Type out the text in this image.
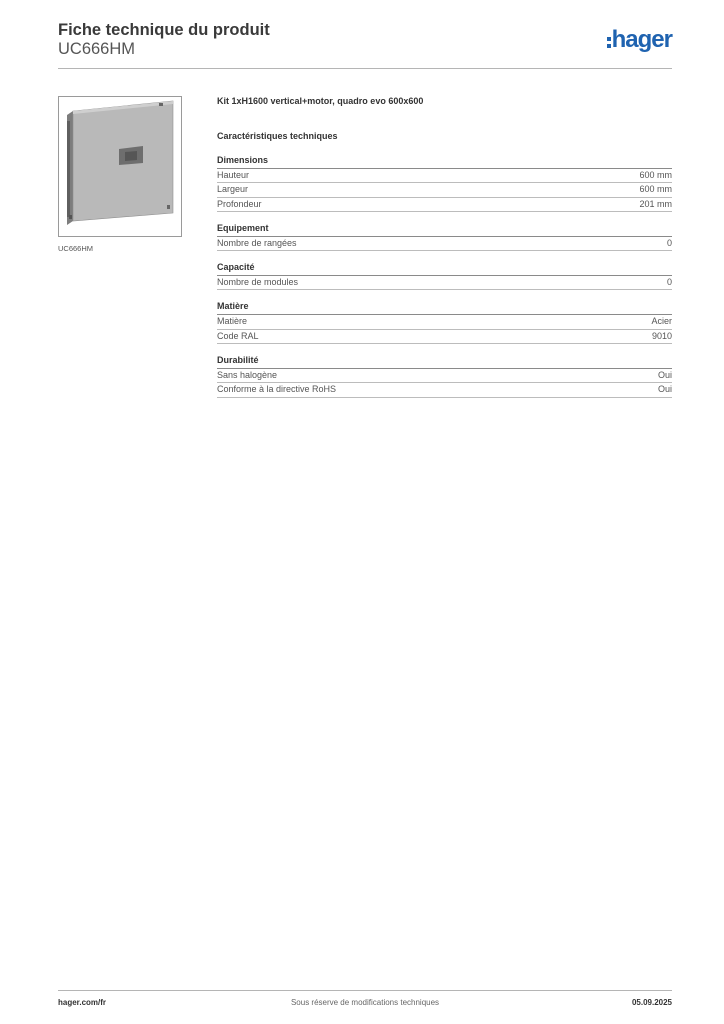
Fiche technique du produit
UC666HM	hager
UC666HM

Kit 1xH1600 vertical+motor, quadro evo 600x600

Caractéristiques techniques
Dimensions
Hauteur	600 mm
Largeur	600 mm
Profondeur	201 mm
Equipement
Nombre de rangées	0
Capacité
Nombre de modules	0
Matière
Matière	Acier
Code RAL	9010
Durabilité
Sans halogène	Oui
Conforme à la directive RoHS	Oui
Sous réserve de modifications techniques
hager.com/fr	05.09.2025
